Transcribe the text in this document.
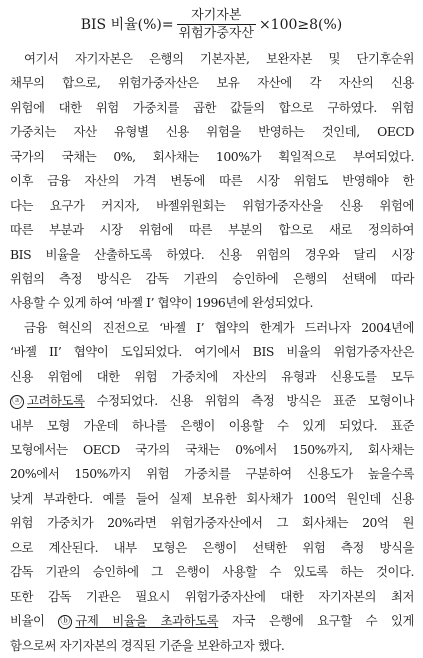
BIS 비율(%)= $\frac{\text{자기자본}}{\text{위험가중자산}} \times 100\ge 8(\%)$
여기서 자기자본은 은행의 기본자본, 보완자본 및 단기후순위
채무의 합으로, 위험가중자산은 보유 자산에 각 자산의 신용
위험에 대한 위험 가중치를 곱한 값들의 합으로 구하였다. 위험
가중치는 자산 유형별 신용 위험을 반영하는 것인데, OECD
국가의 국채는 0%, 회사채는 100%가 획일적으로 부여되었다.
이후 금융 자산의 가격 변동에 따른 시장 위험도 반영해야 한
다는 요구가 커지자, 바젤위원회는 위험가중자산을 신용 위험에
따른 부분과 시장 위험에 따른 부분의 합으로 새로 정의하여
BIS 비율을 산출하도록 하였다. 신용 위험의 경우와 달리 시장
위험의 측정 방식은 감독 기관의 승인하에 은행의 선택에 따라
사용할 수 있게 하여 ‘바젤 I’ 협약이 1996년에 완성되었다.
금융 혁신의 진전으로 ‘바젤 I’ 협약의 한계가 드러나자 2004년에
‘바젤 II’ 협약이 도입되었다. 여기에서 BIS 비율의 위험가중자산은
신용 위험에 대한 위험 가중치에 자산의 유형과 신용도를 모두
ⓐ 고려하도록 수정되었다. 신용 위험의 측정 방식은 표준 모형이나
내부 모형 가운데 하나를 은행이 이용할 수 있게 되었다. 표준
모형에서는 OECD 국가의 국채는 0%에서 150%까지, 회사채는
20%에서 150%까지 위험 가중치를 구분하여 신용도가 높을수록
낮게 부과한다. 예를 들어 실제 보유한 회사채가 100억 원인데 신용
위험 가중치가 20%라면 위험가중자산에서 그 회사채는 20억 원
으로 계산된다. 내부 모형은 은행이 선택한 위험 측정 방식을
감독 기관의 승인하에 그 은행이 사용할 수 있도록 하는 것이다.
또한 감독 기관은 필요시 위험가중자산에 대한 자기자본의 최저
비율이 ⓑ 규제 비율을 초과하도록 자국 은행에 요구할 수 있게
함으로써 자기자본의 경직된 기준을 보완하고자 했다.
